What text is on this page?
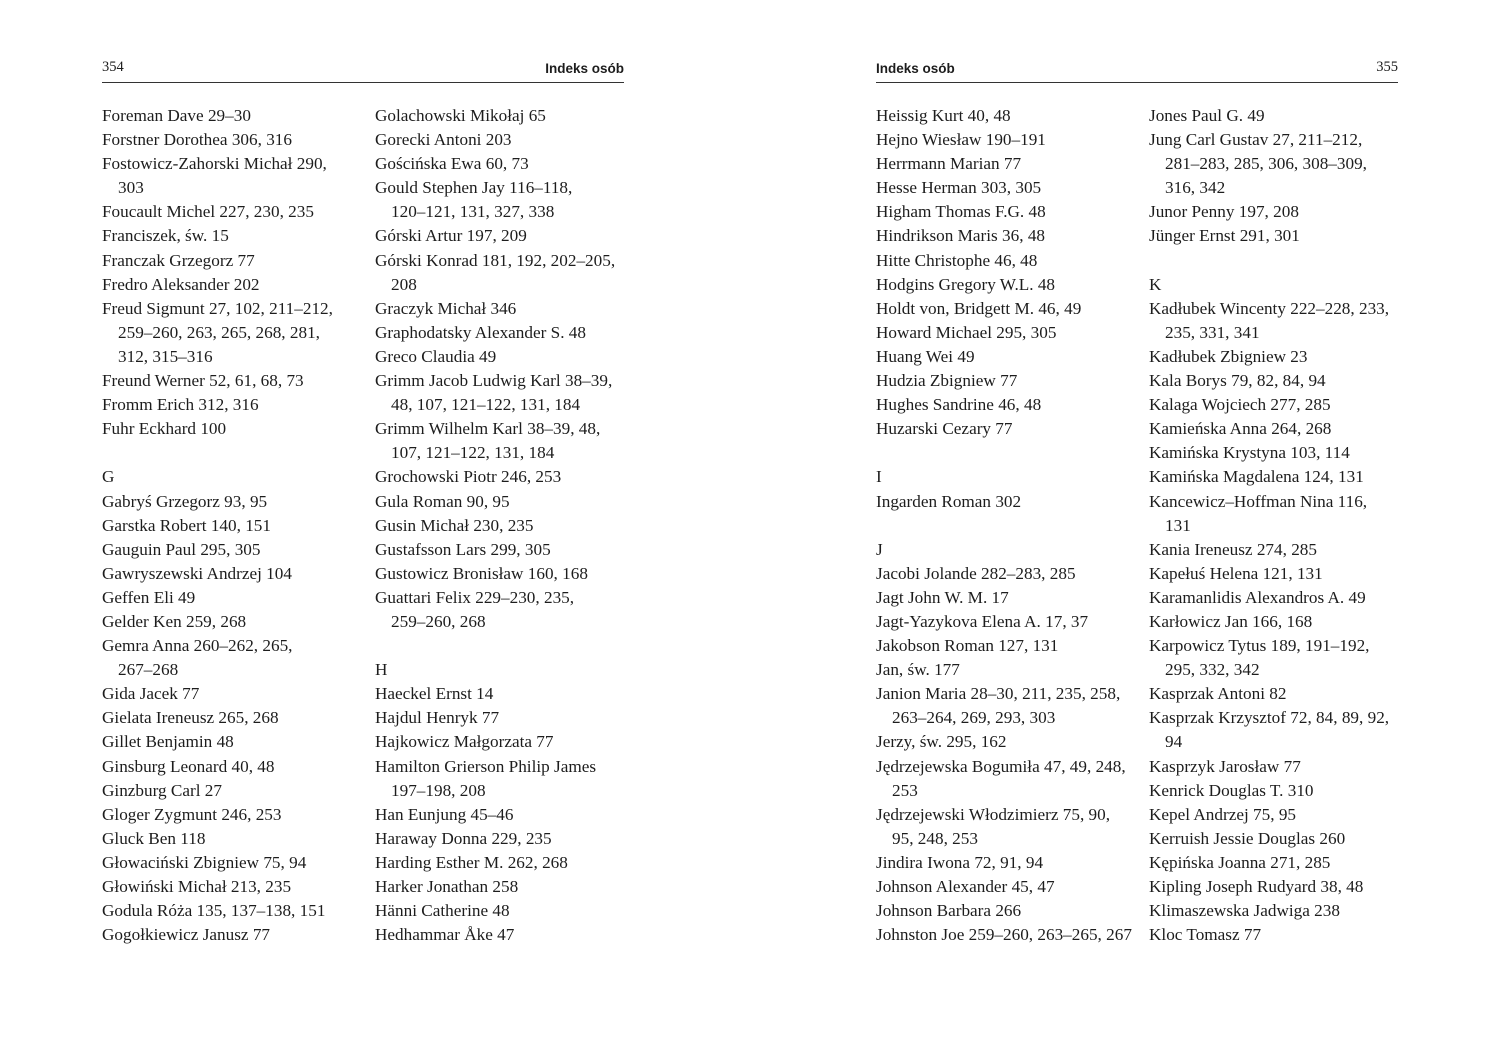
354	Indeks osób
Foreman Dave 29–30
Forstner Dorothea 306, 316
Fostowicz-Zahorski Michał 290,
303
Foucault Michel 227, 230, 235
Franciszek, św. 15
Franczak Grzegorz 77
Fredro Aleksander 202
Freud Sigmunt 27, 102, 211–212,
259–260, 263, 265, 268, 281,
312, 315–316
Freund Werner 52, 61, 68, 73
Fromm Erich 312, 316
Fuhr Eckhard 100
G
Gabryś Grzegorz 93, 95
Garstka Robert 140, 151
Gauguin Paul 295, 305
Gawryszewski Andrzej 104
Geffen Eli 49
Gelder Ken 259, 268
Gemra Anna 260–262, 265,
267–268
Gida Jacek 77
Gielata Ireneusz 265, 268
Gillet Benjamin 48
Ginsburg Leonard 40, 48
Ginzburg Carl 27
Gloger Zygmunt 246, 253
Gluck Ben 118
Głowaciński Zbigniew 75, 94
Głowiński Michał 213, 235
Godula Róża 135, 137–138, 151
Gogołkiewicz Janusz 77
Golachowski Mikołaj 65
Gorecki Antoni 203
Gościńska Ewa 60, 73
Gould Stephen Jay 116–118,
120–121, 131, 327, 338
Górski Artur 197, 209
Górski Konrad 181, 192, 202–205,
208
Graczyk Michał 346
Graphodatsky Alexander S. 48
Greco Claudia 49
Grimm Jacob Ludwig Karl 38–39,
48, 107, 121–122, 131, 184
Grimm Wilhelm Karl 38–39, 48,
107, 121–122, 131, 184
Grochowski Piotr 246, 253
Gula Roman 90, 95
Gusin Michał 230, 235
Gustafsson Lars 299, 305
Gustowicz Bronisław 160, 168
Guattari Felix 229–230, 235,
259–260, 268
H
Haeckel Ernst 14
Hajdul Henryk 77
Hajkowicz Małgorzata 77
Hamilton Grierson Philip James
197–198, 208
Han Eunjung 45–46
Haraway Donna 229, 235
Harding Esther M. 262, 268
Harker Jonathan 258
Hänni Catherine 48
Hedhammar Åke 47
Indeks osób	355
Heissig Kurt 40, 48
Hejno Wiesław 190–191
Herrmann Marian 77
Hesse Herman 303, 305
Higham Thomas F.G. 48
Hindrikson Maris 36, 48
Hitte Christophe 46, 48
Hodgins Gregory W.L. 48
Holdt von, Bridgett M. 46, 49
Howard Michael 295, 305
Huang Wei 49
Hudzia Zbigniew 77
Hughes Sandrine 46, 48
Huzarski Cezary 77
I
Ingarden Roman 302
J
Jacobi Jolande 282–283, 285
Jagt John W. M. 17
Jagt-Yazykova Elena A. 17, 37
Jakobson Roman 127, 131
Jan, św. 177
Janion Maria 28–30, 211, 235, 258,
263–264, 269, 293, 303
Jerzy, św. 295, 162
Jędrzejewska Bogumiła 47, 49, 248,
253
Jędrzejewski Włodzimierz 75, 90,
95, 248, 253
Jindira Iwona 72, 91, 94
Johnson Alexander 45, 47
Johnson Barbara 266
Johnston Joe 259–260, 263–265, 267
Jones Paul G. 49
Jung Carl Gustav 27, 211–212,
281–283, 285, 306, 308–309,
316, 342
Junor Penny 197, 208
Jünger Ernst 291, 301
K
Kadłubek Wincenty 222–228, 233,
235, 331, 341
Kadłubek Zbigniew 23
Kala Borys 79, 82, 84, 94
Kalaga Wojciech 277, 285
Kamieńska Anna 264, 268
Kamińska Krystyna 103, 114
Kamińska Magdalena 124, 131
Kancewicz–Hoffman Nina 116,
131
Kania Ireneusz 274, 285
Kapełuś Helena 121, 131
Karamanlidis Alexandros A. 49
Karłowicz Jan 166, 168
Karpowicz Tytus 189, 191–192,
295, 332, 342
Kasprzak Antoni 82
Kasprzak Krzysztof 72, 84, 89, 92,
94
Kasprzyk Jarosław 77
Kenrick Douglas T. 310
Kepel Andrzej 75, 95
Kerruish Jessie Douglas 260
Kępińska Joanna 271, 285
Kipling Joseph Rudyard 38, 48
Klimaszewska Jadwiga 238
Kloc Tomasz 77
